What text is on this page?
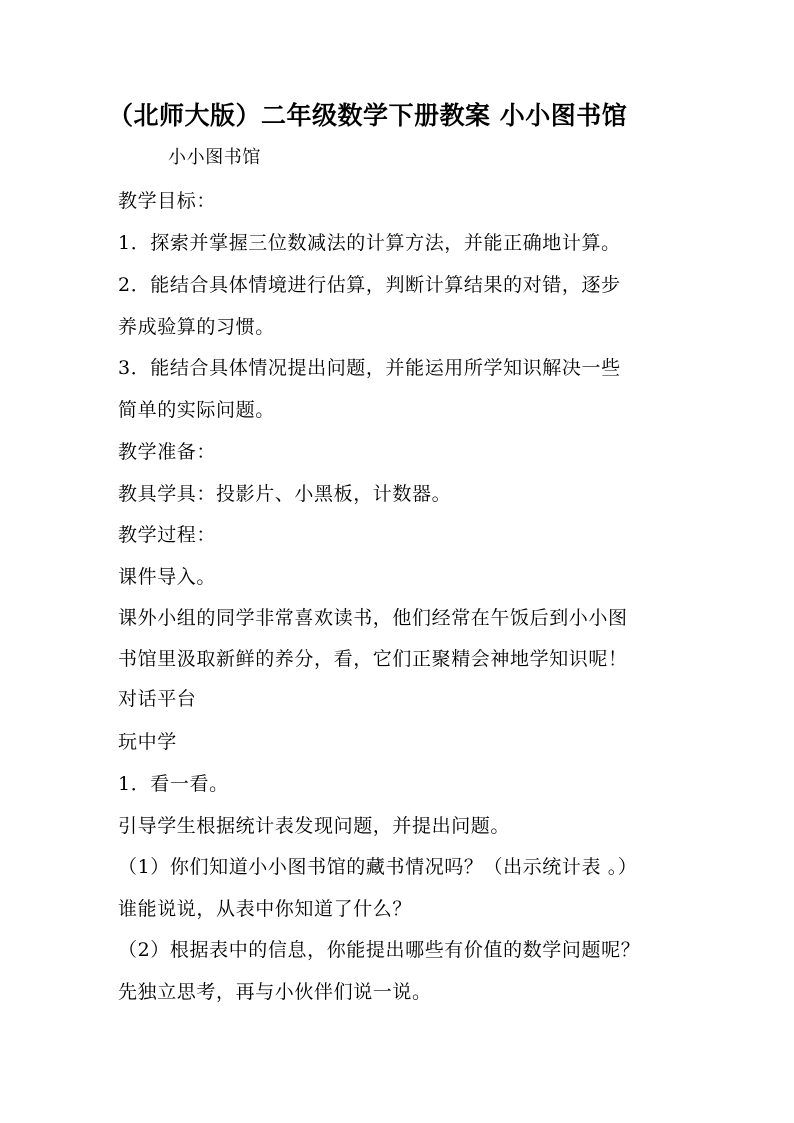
（北师大版）二年级数学下册教案 小小图书馆
小小图书馆
教学目标：
1．探索并掌握三位数减法的计算方法，并能正确地计算。
2．能结合具体情境进行估算，判断计算结果的对错，逐步
养成验算的习惯。
3．能结合具体情况提出问题，并能运用所学知识解决一些
简单的实际问题。
教学准备：
教具学具：投影片、小黑板，计数器。
教学过程：
课件导入。
课外小组的同学非常喜欢读书，他们经常在午饭后到小小图
书馆里汲取新鲜的养分，看，它们正聚精会神地学知识呢！
对话平台
玩中学
1．看一看。
引导学生根据统计表发现问题，并提出问题。
（1）你们知道小小图书馆的藏书情况吗？（出示统计表 。）
谁能说说，从表中你知道了什么？
（2）根据表中的信息，你能提出哪些有价值的数学问题呢？
先独立思考，再与小伙伴们说一说。
